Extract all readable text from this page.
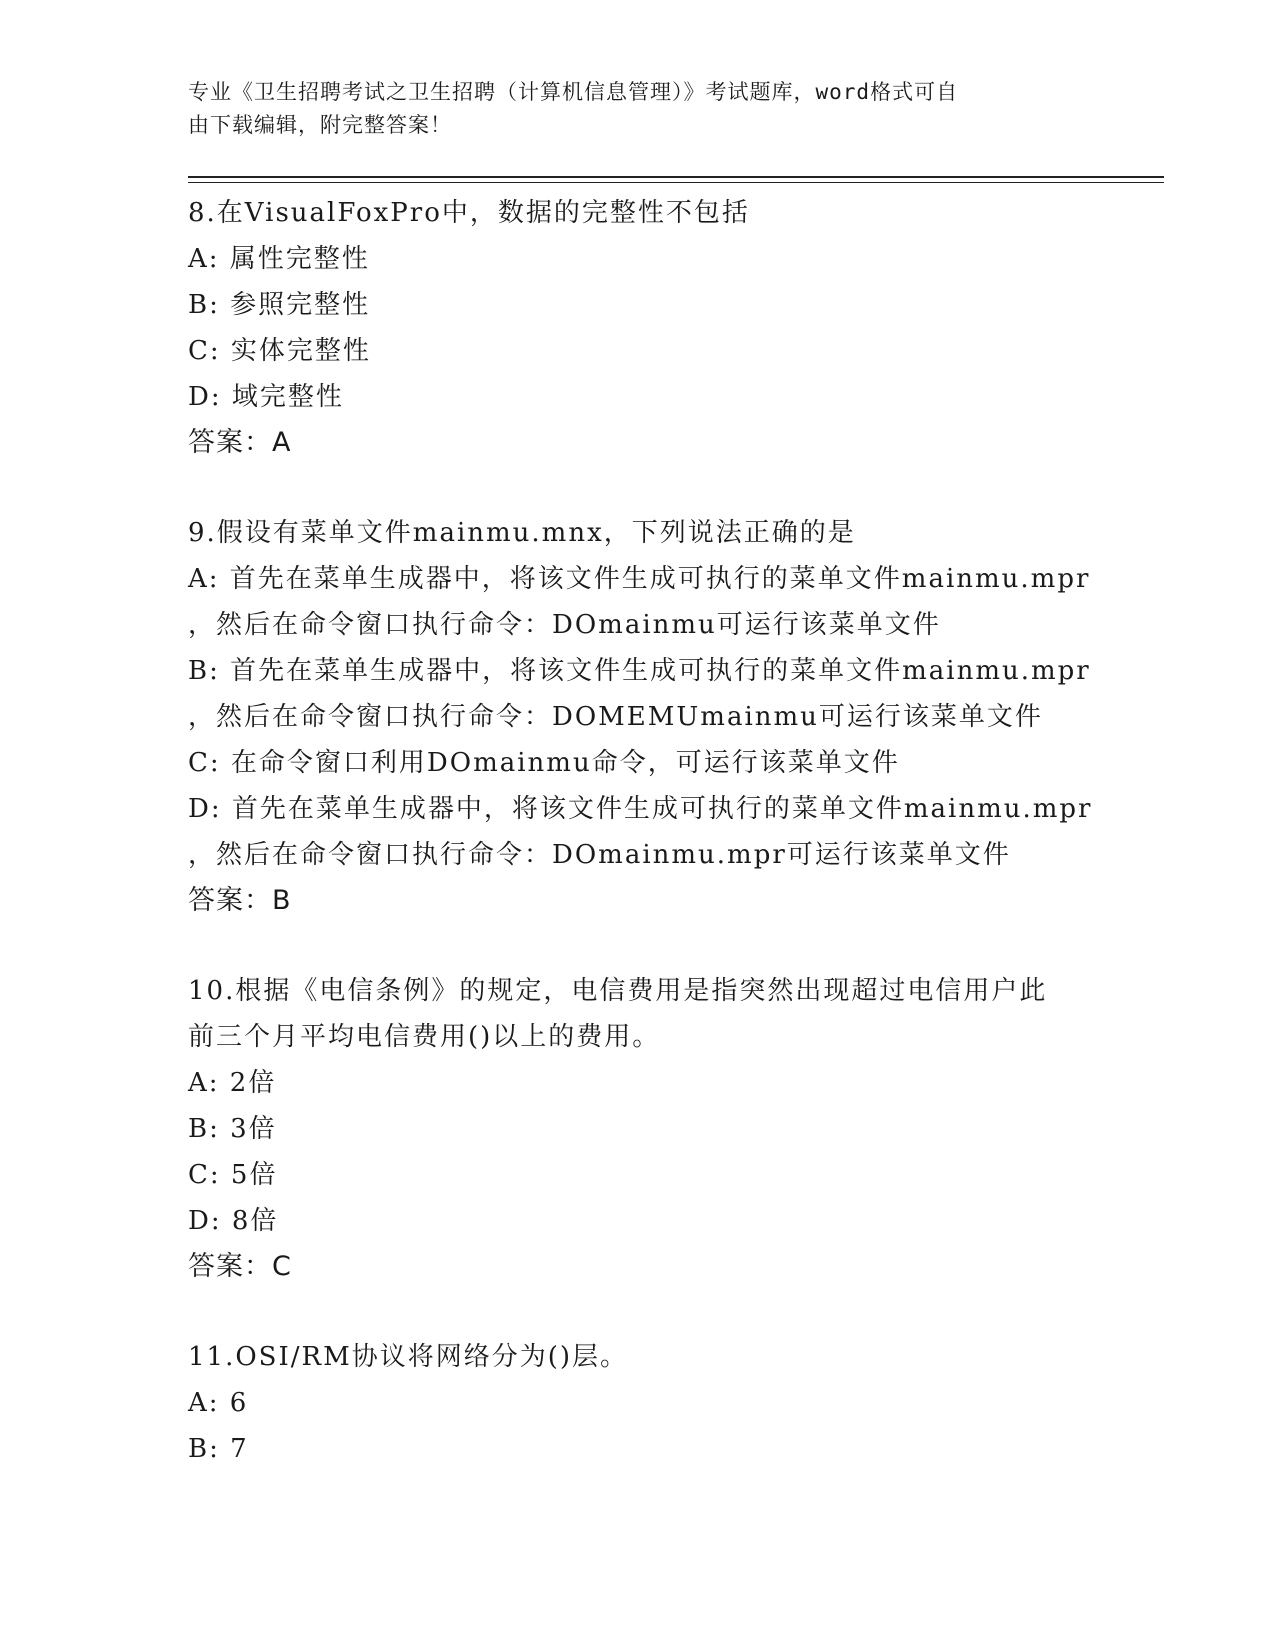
专业《卫生招聘考试之卫生招聘（计算机信息管理）》考试题库，word格式可自
由下载编辑，附完整答案！
8.在VisualFoxPro中，数据的完整性不包括
A: 属性完整性
B: 参照完整性
C: 实体完整性
D: 域完整性
答案：A
9.假设有菜单文件mainmu.mnx，下列说法正确的是
A: 首先在菜单生成器中，将该文件生成可执行的菜单文件mainmu.mpr
，然后在命令窗口执行命令：DOmainmu可运行该菜单文件
B: 首先在菜单生成器中，将该文件生成可执行的菜单文件mainmu.mpr
，然后在命令窗口执行命令：DOMEMUmainmu可运行该菜单文件
C: 在命令窗口利用DOmainmu命令，可运行该菜单文件
D: 首先在菜单生成器中，将该文件生成可执行的菜单文件mainmu.mpr
，然后在命令窗口执行命令：DOmainmu.mpr可运行该菜单文件
答案：B
10.根据《电信条例》的规定，电信费用是指突然出现超过电信用户此
前三个月平均电信费用()以上的费用。
A: 2倍
B: 3倍
C: 5倍
D: 8倍
答案：C
11.OSI/RM协议将网络分为()层。
A: 6
B: 7
